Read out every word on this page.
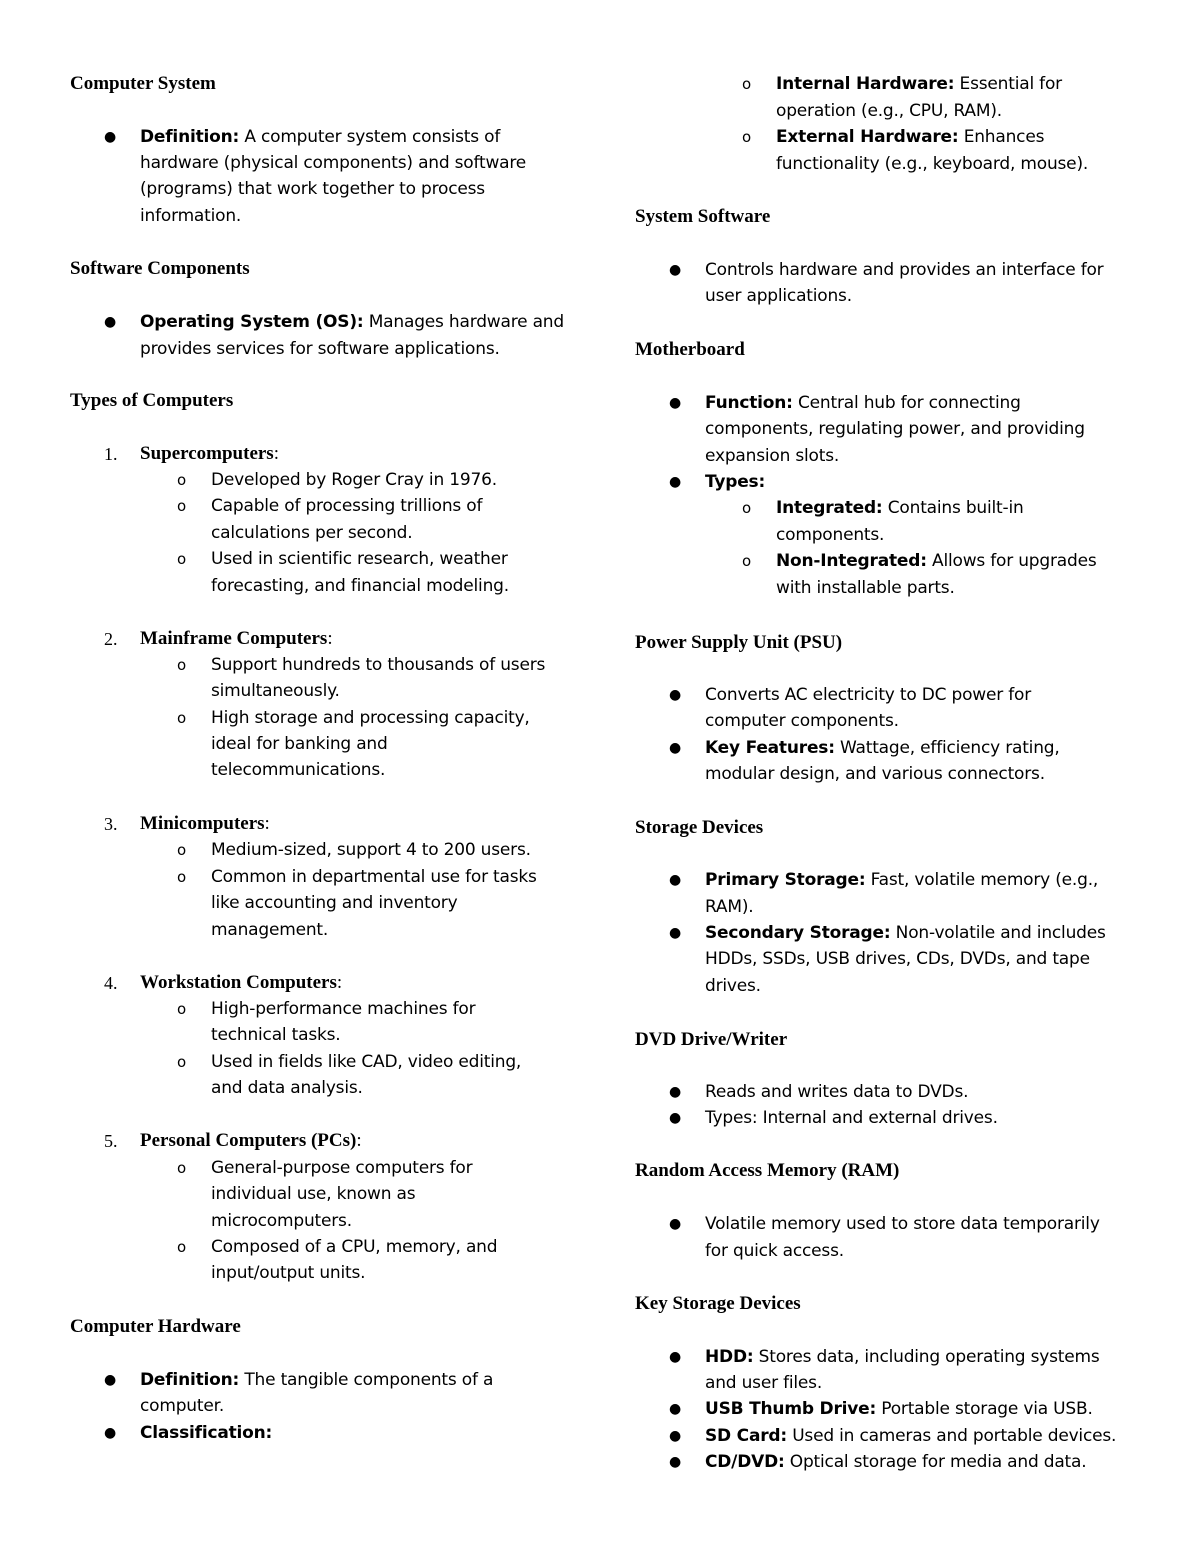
Computer System
● Definition: A computer system consists of
hardware (physical components) and software
(programs) that work together to process
information.
Software Components
● Operating System (OS): Manages hardware and
provides services for software applications.
Types of Computers
1. Supercomputers:
o Developed by Roger Cray in 1976.
o Capable of processing trillions of
calculations per second.
o Used in scientific research, weather
forecasting, and financial modeling.
2. Mainframe Computers:
o Support hundreds to thousands of users
simultaneously.
o High storage and processing capacity,
ideal for banking and
telecommunications.
3. Minicomputers:
o Medium-sized, support 4 to 200 users.
o Common in departmental use for tasks
like accounting and inventory
management.
4. Workstation Computers:
o High-performance machines for
technical tasks.
o Used in fields like CAD, video editing,
and data analysis.
5. Personal Computers (PCs):
o General-purpose computers for
individual use, known as
microcomputers.
o Composed of a CPU, memory, and
input/output units.
Computer Hardware
● Definition: The tangible components of a
computer.
● Classification:
o Internal Hardware: Essential for
operation (e.g., CPU, RAM).
o External Hardware: Enhances
functionality (e.g., keyboard, mouse).
System Software
● Controls hardware and provides an interface for
user applications.
Motherboard
● Function: Central hub for connecting
components, regulating power, and providing
expansion slots.
● Types:
o Integrated: Contains built-in
components.
o Non-Integrated: Allows for upgrades
with installable parts.
Power Supply Unit (PSU)
● Converts AC electricity to DC power for
computer components.
● Key Features: Wattage, efficiency rating,
modular design, and various connectors.
Storage Devices
● Primary Storage: Fast, volatile memory (e.g.,
RAM).
● Secondary Storage: Non-volatile and includes
HDDs, SSDs, USB drives, CDs, DVDs, and tape
drives.
DVD Drive/Writer
● Reads and writes data to DVDs.
● Types: Internal and external drives.
Random Access Memory (RAM)
● Volatile memory used to store data temporarily
for quick access.
Key Storage Devices
● HDD: Stores data, including operating systems
and user files.
● USB Thumb Drive: Portable storage via USB.
● SD Card: Used in cameras and portable devices.
● CD/DVD: Optical storage for media and data.
